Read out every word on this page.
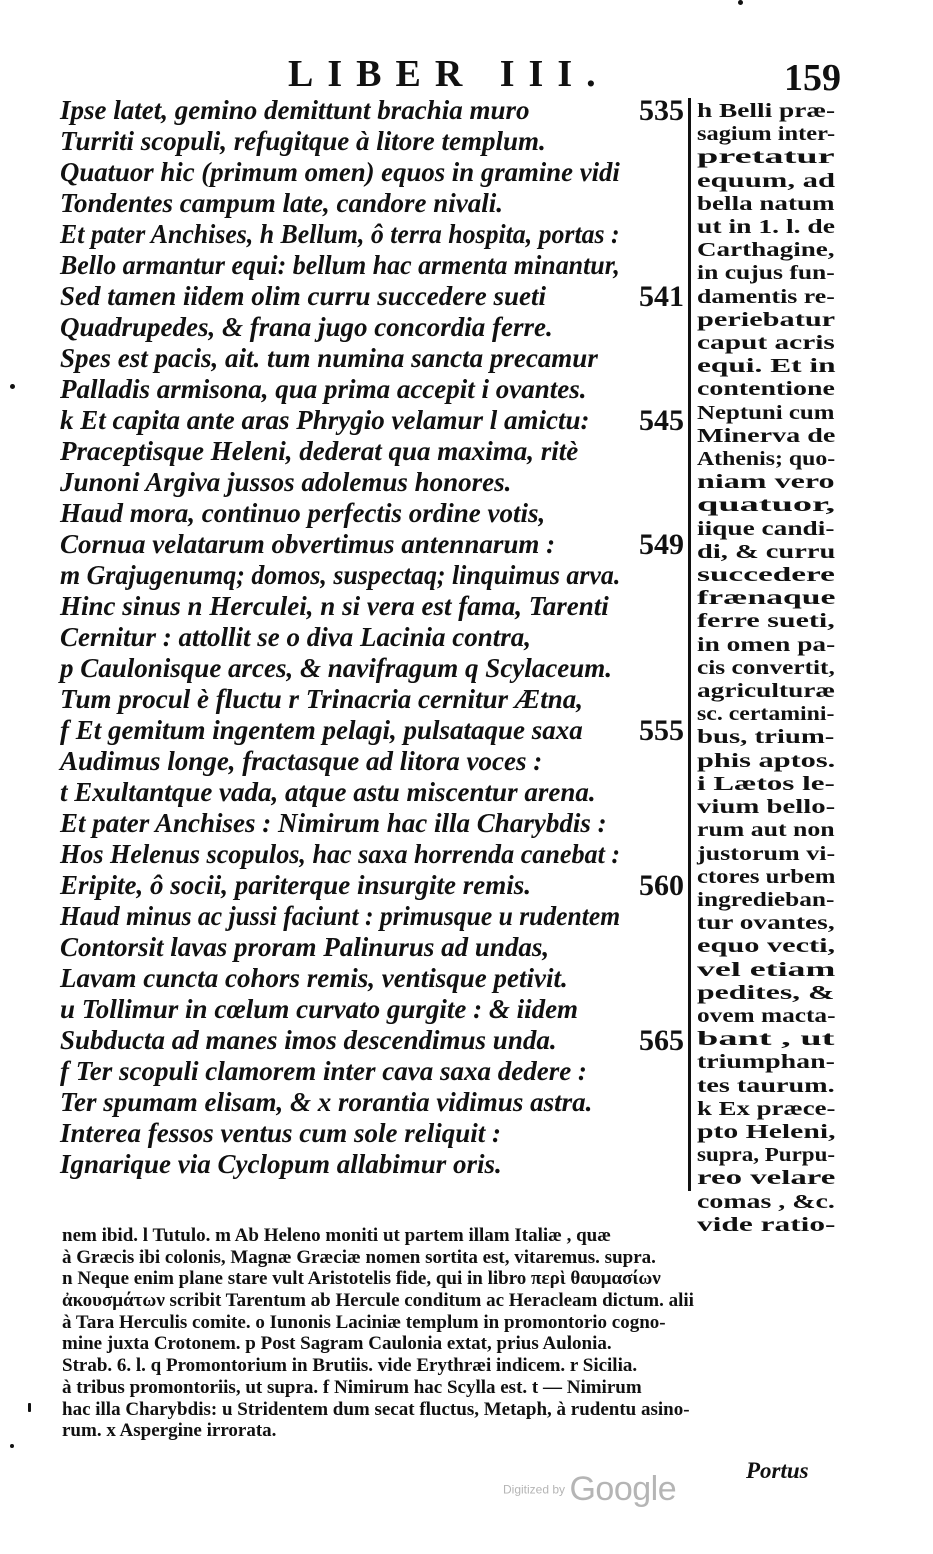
LIBER III.	159
Ipse latet, gemino demittunt brachia muro	535
Turriti scopuli, refugitque à litore templum.
Quatuor hic (primum omen) equos in gramine vidi
Tondentes campum late, candore nivali.
Et pater Anchises, h Bellum, ô terra hospita, portas :
Bello armantur equi: bellum hac armenta minantur,
Sed tamen iidem olim curru succedere sueti	541
Quadrupedes, & frana jugo concordia ferre.
Spes est pacis, ait. tum numina sancta precamur
Palladis armisona, qua prima accepit i ovantes.
k Et capita ante aras Phrygio velamur l amictu: 545
Praceptisque Heleni, dederat qua maxima, ritè
Junoni Argiva jussos adolemus honores.
Haud mora, continuo perfectis ordine votis,
Cornua velatarum obvertimus antennarum :	549
m Grajugenumq; domos, suspectaq; linquimus arva.
Hinc sinus n Herculei, n si vera est fama, Tarenti
Cernitur : attollit se o diva Lacinia contra,
p Caulonisque arces, & navifragum q Scylaceum.
Tum procul è fluctu r Trinacria cernitur Ætna,
f Et gemitum ingentem pelagi, pulsataque saxa 555
Audimus longe, fractasque ad litora voces :
t Exultantque vada, atque astu miscentur arena.
Et pater Anchises : Nimirum hac illa Charybdis :
Hos Helenus scopulos, hac saxa horrenda canebat :
Eripite, ô socii, pariterque insurgite remis.	560
Haud minus ac jussi faciunt : primusque u rudentem
Contorsit lavas proram Palinurus ad undas,
Lavam cuncta cohors remis, ventisque petivit.
u Tollimur in cœlum curvato gurgite : & iidem
Subducta ad manes imos descendimus unda.	565
f Ter scopuli clamorem inter cava saxa dedere :
Ter spumam elisam, & x rorantia vidimus astra.
Interea fessos ventus cum sole reliquit :
Ignarique via Cyclopum allabimur oris.
h Belli præ-sagium inter-pretaturequum, adbella natumut in 1. l. deCarthagine,in cujus fun-damentis re-periebaturcaput acrisequi. Et incontentioneNeptuni cumMinerva deAthenis; quo-niam veroquatuor,iique candi-di, & currusuccederefrænaqueferre sueti,in omen pa-cis convertit,agriculturæsc. certamini-bus, trium-phis aptos.i Lætos le-vium bello-rum aut nonjustorum vi-ctores urbemingredieban-tur ovantes,equo vecti,vel etiampedites, &ovem macta-bant , uttriumphan-tes taurum.k Ex præce-pto Heleni,supra, Purpu-reo velarecomas , &c.vide ratio-
nem ibid. l Tutulo. m Ab Heleno moniti ut partem illam Italiæ , quæ
à Græcis ibi colonis, Magnæ Græciæ nomen sortita est, vitaremus. supra.
n Neque enim plane stare vult Aristotelis fide, qui in libro περὶ θαυμασίων
ἀκουσμάτων scribit Tarentum ab Hercule conditum ac Heracleam dictum. alii
à Tara Herculis comite. o Iunonis Laciniæ templum in promontorio cogno-
mine juxta Crotonem. p Post Sagram Caulonia extat, prius Aulonia.
Strab. 6. l. q Promontorium in Brutiis. vide Erythræi indicem. r Sicilia.
à tribus promontoriis, ut supra. f Nimirum hac Scylla est. t — Nimirum
hac illa Charybdis: u Stridentem dum secat fluctus, Metaph, à rudentu asino-
rum. x Aspergine irrorata.
Portus
Digitized by Google
